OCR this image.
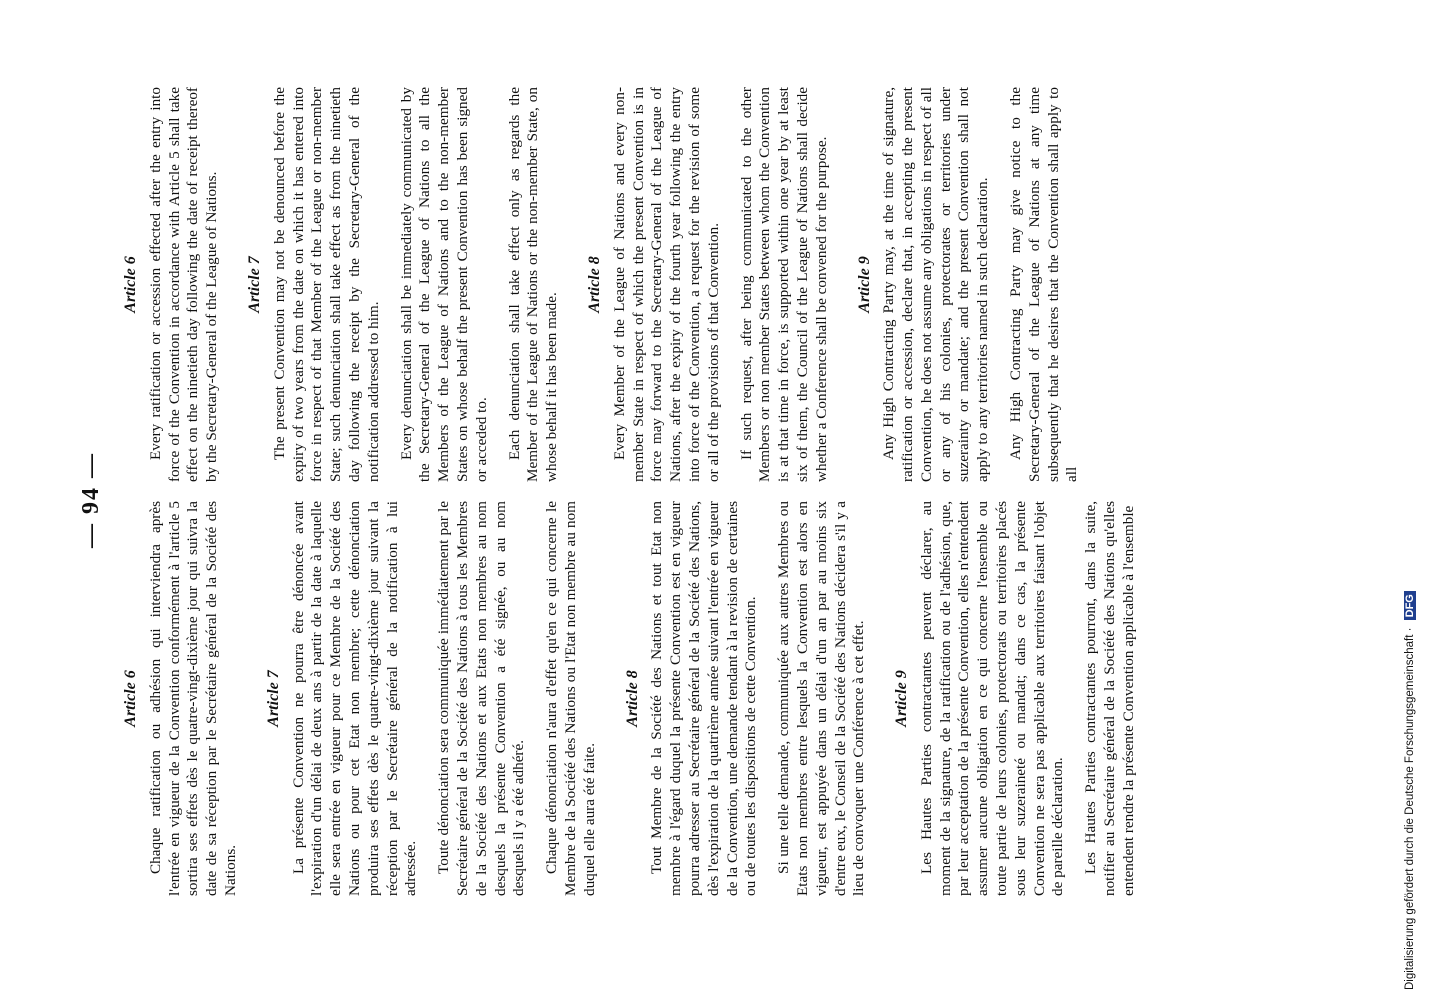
— 94 —
Article 6 Chaque ratification ou adhésion qui interviendra après l'entrée en vigueur de la Convention conformément à l'article 5 sortira ses effets dès le quatre-vingt-dixième jour qui suivra la date de sa réception par le Secrétaire général de la Société des Nations.

Article 7 La présente Convention ne pourra être dénoncée avant l'expiration d'un délai de deux ans à partir de la date à laquelle elle sera entrée en vigueur pour ce Membre de la Société des Nations ou pour cet Etat non membre; cette dénonciation produira ses effets dès le quatre-vingt-dixième jour suivant la réception par le Secrétaire général de la notification à lui adressée. Toute dénonciation sera communiquée immédiatement par le Secrétaire général de la Société des Nations à tous les Membres de la Société des Nations et aux Etats non membres au nom desquels la présente Convention a été signée, ou au nom desquels il y a été adhéré. Chaque dénonciation n'aura d'effet qu'en ce qui concerne le Membre de la Société des Nations ou l'Etat non membre au nom duquel elle aura été faite.

Article 8 Tout Membre de la Société des Nations et tout Etat non membre à l'égard duquel la présente Convention est en vigueur pourra adresser au Secrétaire général de la Société des Nations, dès l'expiration de la quatrième année suivant l'entrée en vigueur de la Convention, une demande tendant à la revision de certaines ou de toutes les dispositions de cette Convention. Si une telle demande, communiquée aux autres Membres ou Etats non membres entre lesquels la Convention est alors en vigueur, est appuyée dans un délai d'un an par au moins six d'entre eux, le Conseil de la Société des Nations décidera s'il y a lieu de convoquer une Conférence à cet effet. Article 9 Les Hautes Parties contractantes peuvent déclarer, au moment de la signature, de la ratification ou de l'adhésion, que, par leur acceptation de la présente Convention, elles n'entendent assumer aucune obligation en ce qui concerne l'ensemble ou toute partie de leurs colonies, protectorats ou territoires placés sous leur suzeraineté ou mandat; dans ce cas, la présente Convention ne sera pas applicable aux territoires faisant l'objet de pareille déclaration. Les Hautes Parties contractantes pourront, dans la suite, notifier au Secrétaire général de la Société des Nations qu'elles entendent rendre la présente Convention applicable à l'ensemble

Article 6 Every ratification or accession effected after the entry into force of the Convention in accordance with Article 5 shall take effect on the ninetieth day following the date of receipt thereof by the Secretary-General of the League of Nations. Article 7 The present Convention may not be denounced before the expiry of two years from the date on which it has entered into force in respect of that Member of the League or non-member State; such denunciation shall take effect as from the ninetieth day following the receipt by the Secretary-General of the notification addressed to him. Every denunciation shall be immediately communicated by the Secretary-General of the League of Nations to all the Members of the League of Nations and to the non-member States on whose behalf the present Convention has been signed or acceded to. Each denunciation shall take effect only as regards the Member of the League of Nations or the non-member State, on whose behalf it has been made.

Article 8 Every Member of the League of Nations and every non-member State in respect of which the present Convention is in force may forward to the Secretary-General of the League of Nations, after the expiry of the fourth year following the entry into force of the Convention, a request for the revision of some or all of the provisions of that Convention. If such request, after being communicated to the other Members or non member States between whom the Convention is at that time in force, is supported within one year by at least six of them, the Council of the League of Nations shall decide whether a Conference shall be convened for the purpose. Article 9 Any High Contracting Party may, at the time of signature, ratification or accession, declare that, in accepting the present Convention, he does not assume any obligations in respect of all or any of his colonies, protectorates or territories under suzerainty or mandate; and the present Convention shall not apply to any territories named in such declaration. Any High Contracting Party may give notice to the Secretary-General of the League of Nations at any time subsequently that he desires that the Convention shall apply to all

Digitalisierung gefördert durch die Deutsche Forschungsgemeinschaft · DFG
